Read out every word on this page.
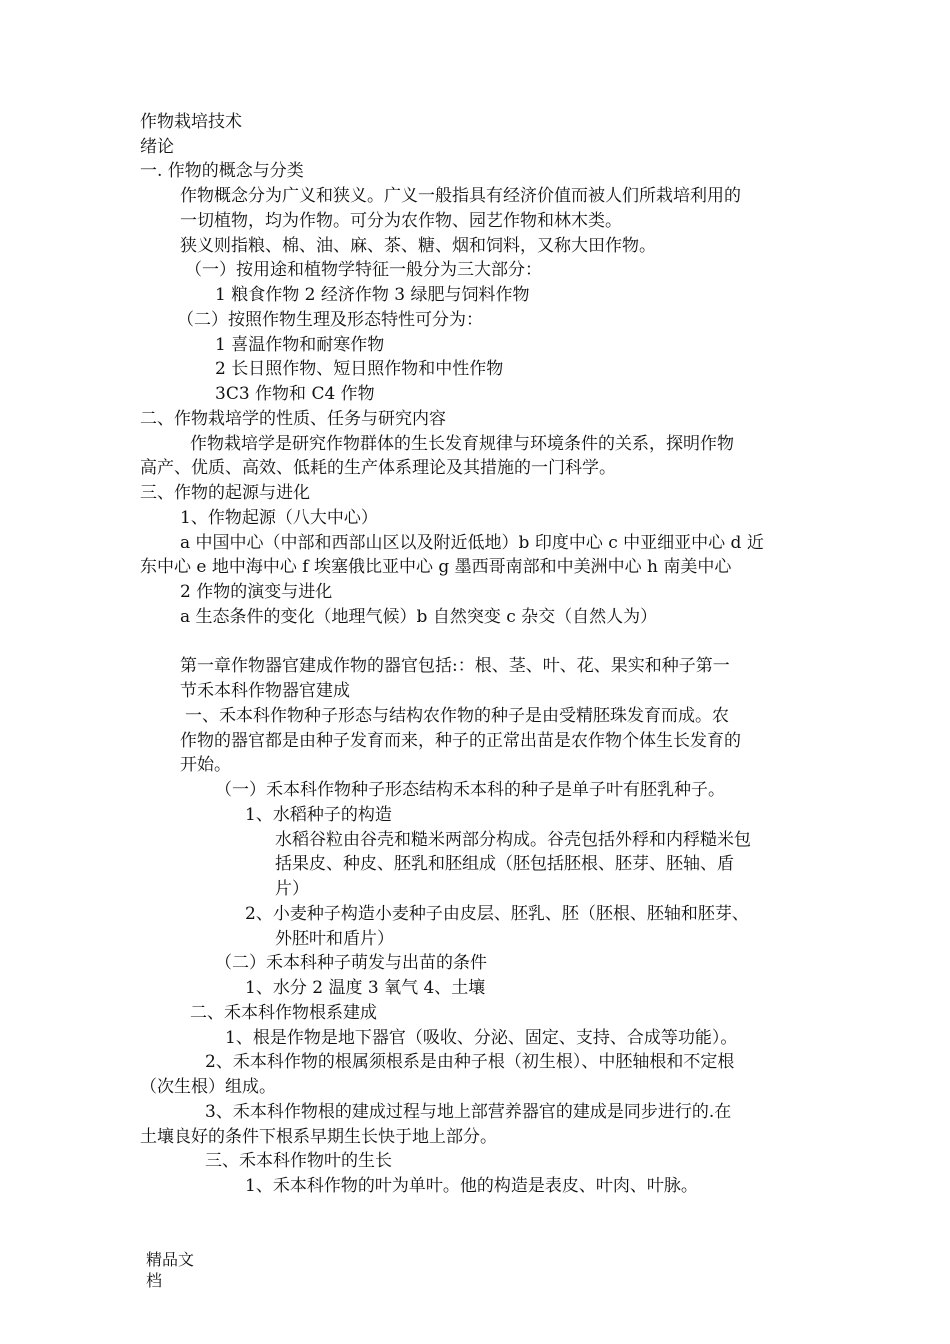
作物栽培技术
绪论
一. 作物的概念与分类
作物概念分为广义和狭义。广义一般指具有经济价值而被人们所栽培利用的
一切植物，均为作物。可分为农作物、园艺作物和林木类。
狭义则指粮、棉、油、麻、茶、糖、烟和饲料，又称大田作物。
（一）按用途和植物学特征一般分为三大部分：
1 粮食作物 2 经济作物 3 绿肥与饲料作物
（二）按照作物生理及形态特性可分为：
1 喜温作物和耐寒作物
2 长日照作物、短日照作物和中性作物
3C3 作物和 C4 作物
二、作物栽培学的性质、任务与研究内容
作物栽培学是研究作物群体的生长发育规律与环境条件的关系，探明作物
高产、优质、高效、低耗的生产体系理论及其措施的一门科学。
三、作物的起源与进化
1、作物起源（八大中心）
a 中国中心（中部和西部山区以及附近低地）b 印度中心 c 中亚细亚中心 d 近
东中心 e 地中海中心 f 埃塞俄比亚中心 g 墨西哥南部和中美洲中心 h 南美中心
2 作物的演变与进化
a 生态条件的变化（地理气候）b 自然突变 c 杂交（自然人为）
第一章作物器官建成作物的器官包括:：根、茎、叶、花、果实和种子第一
节禾本科作物器官建成
一、禾本科作物种子形态与结构农作物的种子是由受精胚珠发育而成。农
作物的器官都是由种子发育而来，种子的正常出苗是农作物个体生长发育的
开始。
（一）禾本科作物种子形态结构禾本科的种子是单子叶有胚乳种子。
1、水稻种子的构造
水稻谷粒由谷壳和糙米两部分构成。谷壳包括外稃和内稃糙米包
括果皮、种皮、胚乳和胚组成（胚包括胚根、胚芽、胚轴、盾
片）
2、小麦种子构造小麦种子由皮层、胚乳、胚（胚根、胚轴和胚芽、
外胚叶和盾片）
（二）禾本科种子萌发与出苗的条件
1、水分 2 温度 3 氧气 4、土壤
二、禾本科作物根系建成
1、根是作物是地下器官（吸收、分泌、固定、支持、合成等功能）。
2、禾本科作物的根属须根系是由种子根（初生根）、中胚轴根和不定根
（次生根）组成。
3、禾本科作物根的建成过程与地上部营养器官的建成是同步进行的.在
土壤良好的条件下根系早期生长快于地上部分。
三、禾本科作物叶的生长
1、禾本科作物的叶为单叶。他的构造是表皮、叶肉、叶脉。
精品文
档
